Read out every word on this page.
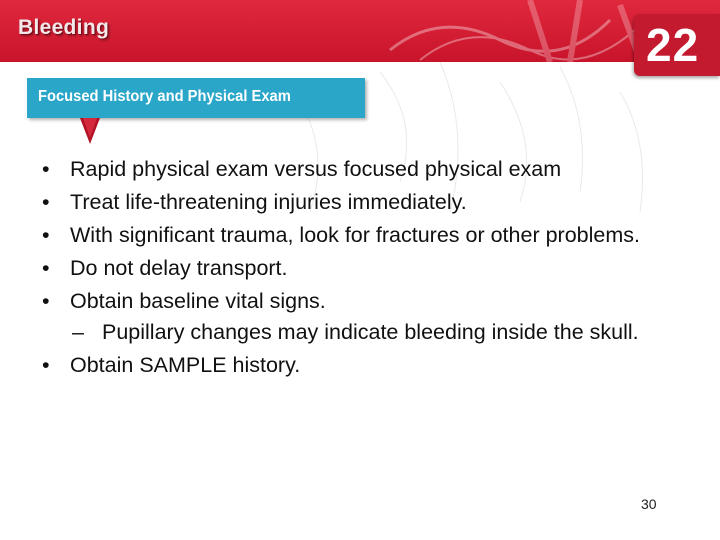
Bleeding	22
Focused History and Physical Exam
• Rapid physical exam versus focused physical exam
• Treat life-threatening injuries immediately.
• With significant trauma, look for fractures or other problems.
• Do not delay transport.
• Obtain baseline vital signs.
– Pupillary changes may indicate bleeding inside the skull.
• Obtain SAMPLE history.
30
